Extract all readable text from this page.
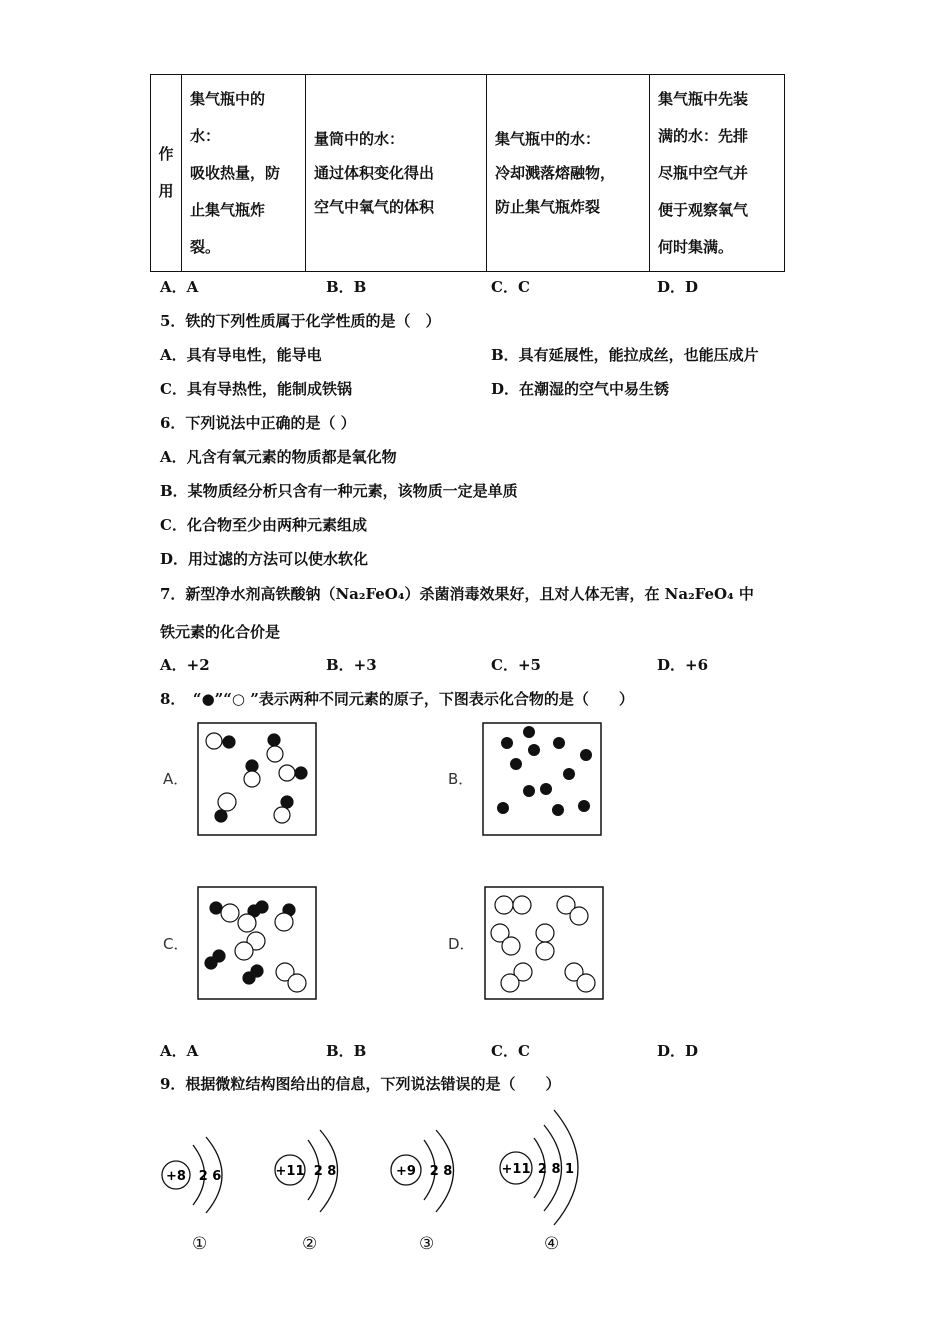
作
用

集气瓶中的
水：
吸收热量，防
止集气瓶炸
裂。

量筒中的水：
通过体积变化得出
空气中氧气的体积

集气瓶中的水：
冷却溅落熔融物，
防止集气瓶炸裂

集气瓶中先装
满的水：先排
尽瓶中空气并
便于观察氧气
何时集满。
A．A	B．B	C．C	D．D
5．铁的下列性质属于化学性质的是（　）
A．具有导电性，能导电	B．具有延展性，能拉成丝，也能压成片
C．具有导热性，能制成铁锅	D．在潮湿的空气中易生锈
6．下列说法中正确的是（ ）
A．凡含有氧元素的物质都是氧化物
B．某物质经分析只含有一种元素，该物质一定是单质
C．化合物至少由两种元素组成
D．用过滤的方法可以使水软化
7．新型净水剂高铁酸钠（Na₂FeO₄）杀菌消毒效果好，且对人体无害，在 Na₂FeO₄ 中
铁元素的化合价是
A．+2	B．+3	C．+5	D．+6
8．　“●”“○ ”表示两种不同元素的原子，下图表示化合物的是（　　）
A．	B．
C．	D．
A．A	B．B	C．C	D．D
9．根据微粒结构图给出的信息，下列说法错误的是（　　）
+8 2 6	+11 2 8	+9 2 8	+11 2 8 1
①	②	③	④
